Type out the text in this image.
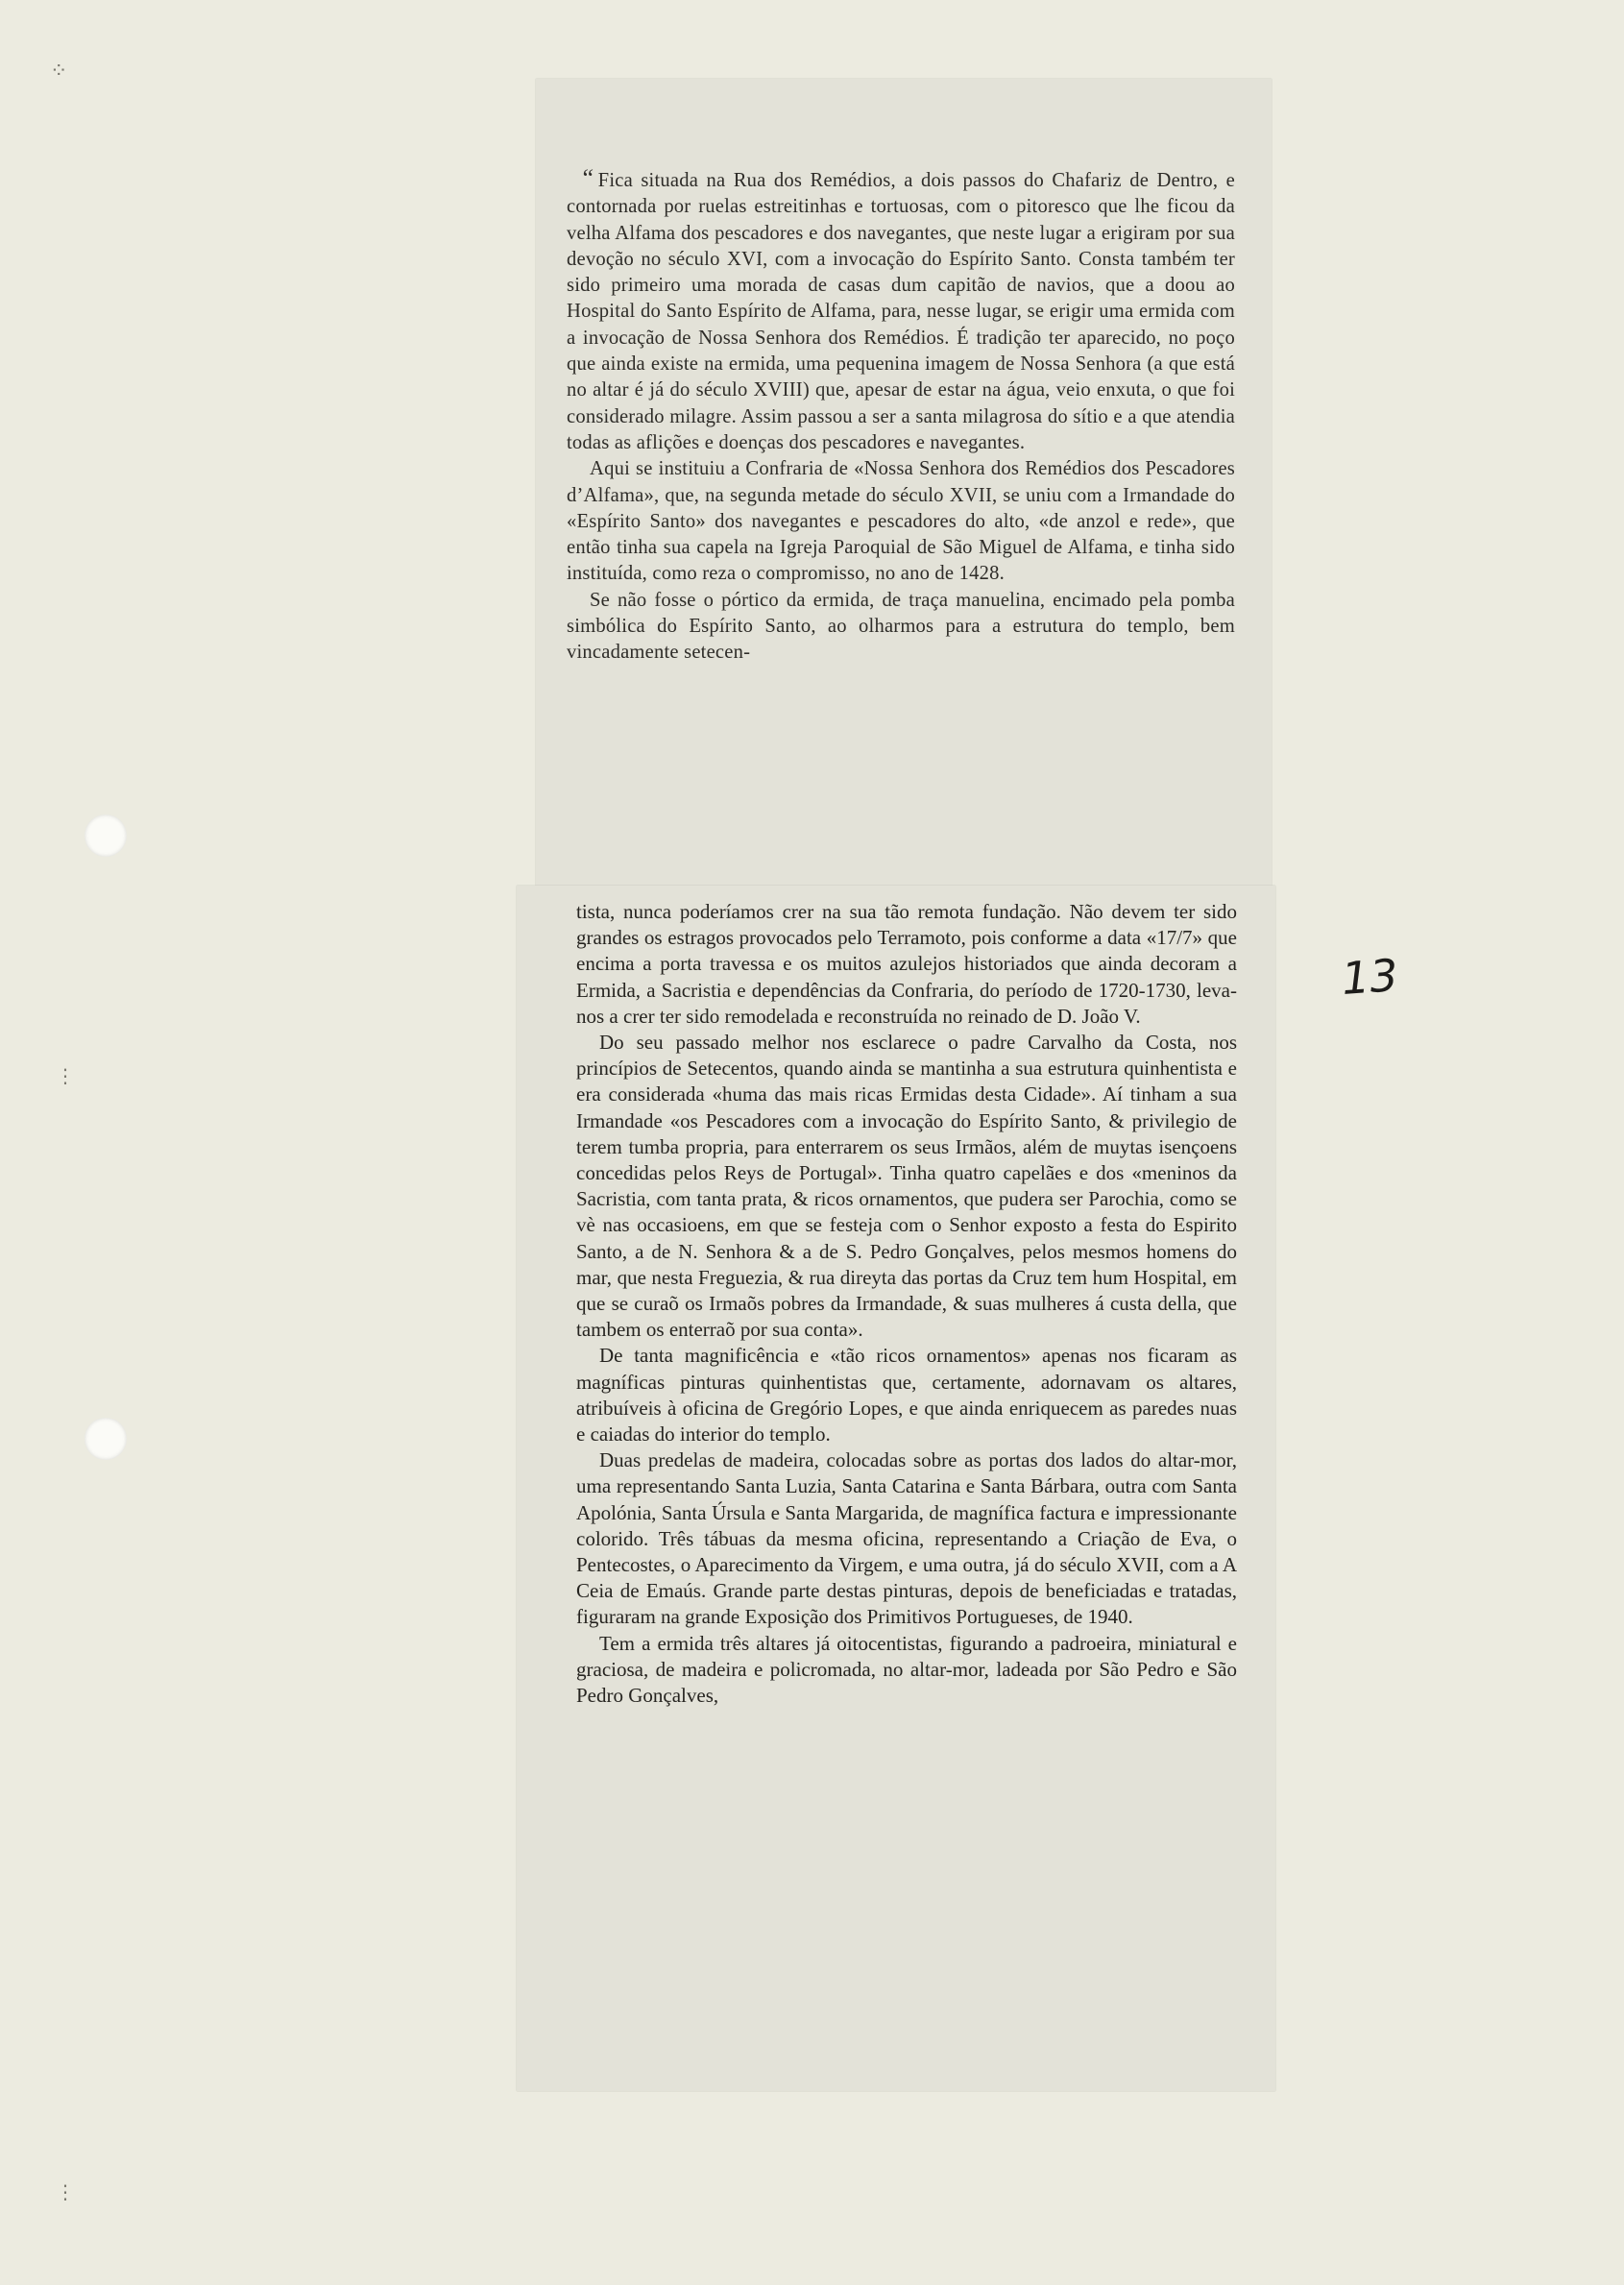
⁘
⋮
⋮

“ Fica situada na Rua dos Remédios, a dois passos do Chafariz de Dentro, e contornada por ruelas estreitinhas e tortuosas, com o pitoresco que lhe ficou da velha Alfama dos pescadores e dos navegantes, que neste lugar a erigiram por sua devoção no século XVI, com a invocação do Espírito Santo. Consta também ter sido primeiro uma morada de casas dum capitão de navios, que a doou ao Hospital do Santo Espírito de Alfama, para, nesse lugar, se erigir uma ermida com a invocação de Nossa Senhora dos Remédios. É tradição ter aparecido, no poço que ainda existe na ermida, uma pequenina imagem de Nossa Senhora (a que está no altar é já do século XVIII) que, apesar de estar na água, veio enxuta, o que foi considerado milagre. Assim passou a ser a santa milagrosa do sítio e a que atendia todas as aflições e doenças dos pescadores e navegantes.

Aqui se instituiu a Confraria de «Nossa Senhora dos Remédios dos Pescadores d’Alfama», que, na segunda metade do século XVII, se uniu com a Irmandade do «Espírito Santo» dos navegantes e pescadores do alto, «de anzol e rede», que então tinha sua capela na Igreja Paroquial de São Miguel de Alfama, e tinha sido instituída, como reza o compromisso, no ano de 1428.

Se não fosse o pórtico da ermida, de traça manuelina, encimado pela pomba simbólica do Espírito Santo, ao olharmos para a estrutura do templo, bem vincadamente setecen-

tista, nunca poderíamos crer na sua tão remota fundação. Não devem ter sido grandes os estragos provocados pelo Terramoto, pois conforme a data «17/7» que encima a porta travessa e os muitos azulejos historiados que ainda decoram a Ermida, a Sacristia e dependências da Confraria, do período de 1720-1730, leva-nos a crer ter sido remodelada e reconstruída no reinado de D. João V.

Do seu passado melhor nos esclarece o padre Carvalho da Costa, nos princípios de Setecentos, quando ainda se mantinha a sua estrutura quinhentista e era considerada «huma das mais ricas Ermidas desta Cidade». Aí tinham a sua Irmandade «os Pescadores com a invocação do Espírito Santo, & privilegio de terem tumba propria, para enterrarem os seus Irmãos, além de muytas isençoens concedidas pelos Reys de Portugal». Tinha quatro capelães e dos «meninos da Sacristia, com tanta prata, & ricos ornamentos, que pudera ser Parochia, como se vè nas occasioens, em que se festeja com o Senhor exposto a festa do Espirito Santo, a de N. Senhora & a de S. Pedro Gonçalves, pelos mesmos homens do mar, que nesta Freguezia, & rua direyta das portas da Cruz tem hum Hospital, em que se curaõ os Irmaõs pobres da Irmandade, & suas mulheres á custa della, que tambem os enterraõ por sua conta».

De tanta magnificência e «tão ricos ornamentos» apenas nos ficaram as magníficas pinturas quinhentistas que, certamente, adornavam os altares, atribuíveis à oficina de Gregório Lopes, e que ainda enriquecem as paredes nuas e caiadas do interior do templo.

Duas predelas de madeira, colocadas sobre as portas dos lados do altar-mor, uma representando Santa Luzia, Santa Catarina e Santa Bárbara, outra com Santa Apolónia, Santa Úrsula e Santa Margarida, de magnífica factura e impressionante colorido. Três tábuas da mesma oficina, representando a Criação de Eva, o Pentecostes, o Aparecimento da Virgem, e uma outra, já do século XVII, com a A Ceia de Emaús. Grande parte destas pinturas, depois de beneficiadas e tratadas, figuraram na grande Exposição dos Primitivos Portugueses, de 1940.

Tem a ermida três altares já oitocentistas, figurando a padroeira, miniatural e graciosa, de madeira e policromada, no altar-mor, ladeada por São Pedro e São Pedro Gonçalves,

13
